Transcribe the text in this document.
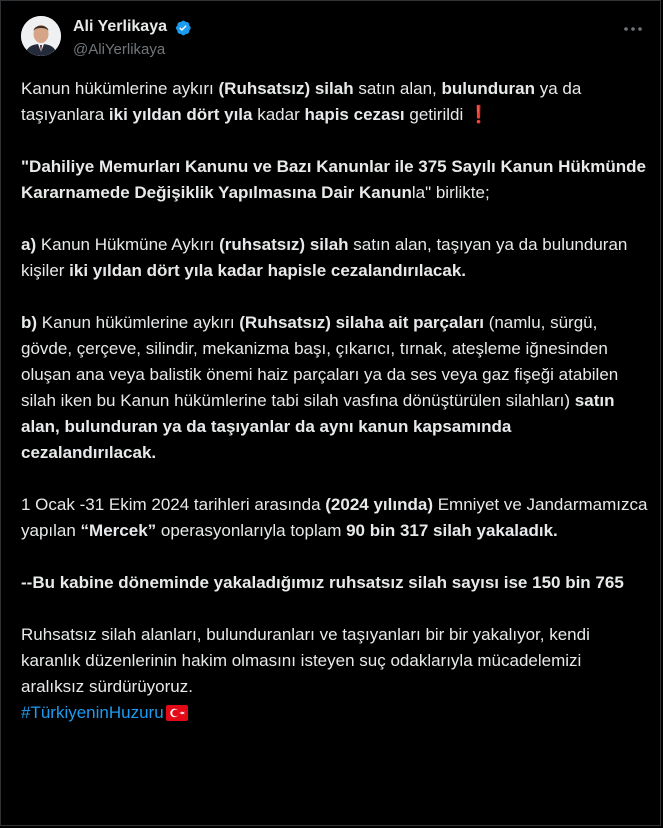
Ali Yerlikaya
@AliYerlikaya

Kanun hükümlerine aykırı (Ruhsatsız) silah satın alan, bulunduran ya da taşıyanlara iki yıldan dört yıla kadar hapis cezası getirildi ❗

"Dahiliye Memurları Kanunu ve Bazı Kanunlar ile 375 Sayılı Kanun Hükmünde Kararnamede Değişiklik Yapılmasına Dair Kanunla" birlikte;

a) Kanun Hükmüne Aykırı (ruhsatsız) silah satın alan, taşıyan ya da bulunduran kişiler iki yıldan dört yıla kadar hapisle cezalandırılacak.

b) Kanun hükümlerine aykırı (Ruhsatsız) silaha ait parçaları (namlu, sürgü, gövde, çerçeve, silindir, mekanizma başı, çıkarıcı, tırnak, ateşleme iğnesinden oluşan ana veya balistik önemi haiz parçaları ya da ses veya gaz fişeği atabilen silah iken bu Kanun hükümlerine tabi silah vasfına dönüştürülen silahları) satın alan, bulunduran ya da taşıyanlar da aynı kanun kapsamında cezalandırılacak.

1 Ocak -31 Ekim 2024 tarihleri arasında (2024 yılında) Emniyet ve Jandarmamızca yapılan “Mercek” operasyonlarıyla toplam 90 bin 317 silah yakaladık.

--Bu kabine döneminde yakaladığımız ruhsatsız silah sayısı ise 150 bin 765

Ruhsatsız silah alanları, bulunduranları ve taşıyanları bir bir yakalıyor, kendi karanlık düzenlerinin hakim olmasını isteyen suç odaklarıyla mücadelemizi aralıksız sürdürüyoruz.
#TürkiyeninHuzuru
